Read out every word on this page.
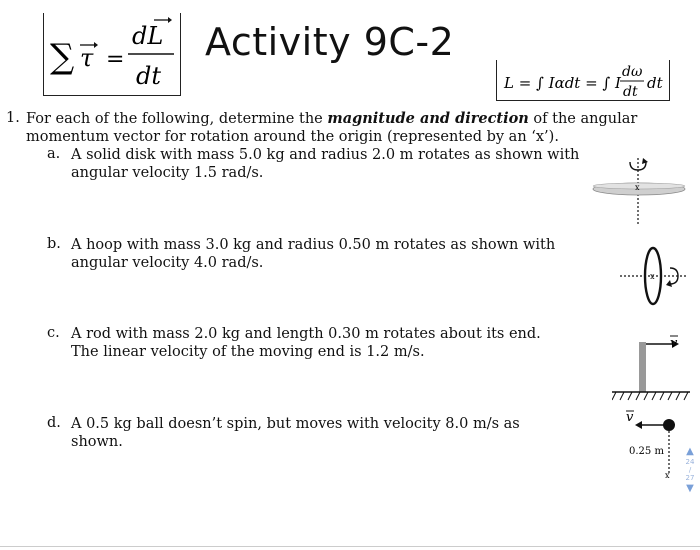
∑ τ =
dL
dt
Activity 9C-2
L = ∫ Iαdt = ∫ I
dω
dt dt
1. For each of the following, determine the magnitude and direction of the angular momentum vector for rotation around the origin (represented by an ‘x’).
a. A solid disk with mass 5.0 kg and radius 2.0 m rotates as shown with angular velocity 1.5 rad/s.
b. A hoop with mass 3.0 kg and radius 0.50 m rotates as shown with angular velocity 4.0 rad/s.
c. A rod with mass 2.0 kg and length 0.30 m rotates about its end. The linear velocity of the moving end is 1.2 m/s.
d. A 0.5 kg ball doesn’t spin, but moves with velocity 8.0 m/s as shown.
x
x
v
v
0.25 m
x
▲
24
/
27
▼
